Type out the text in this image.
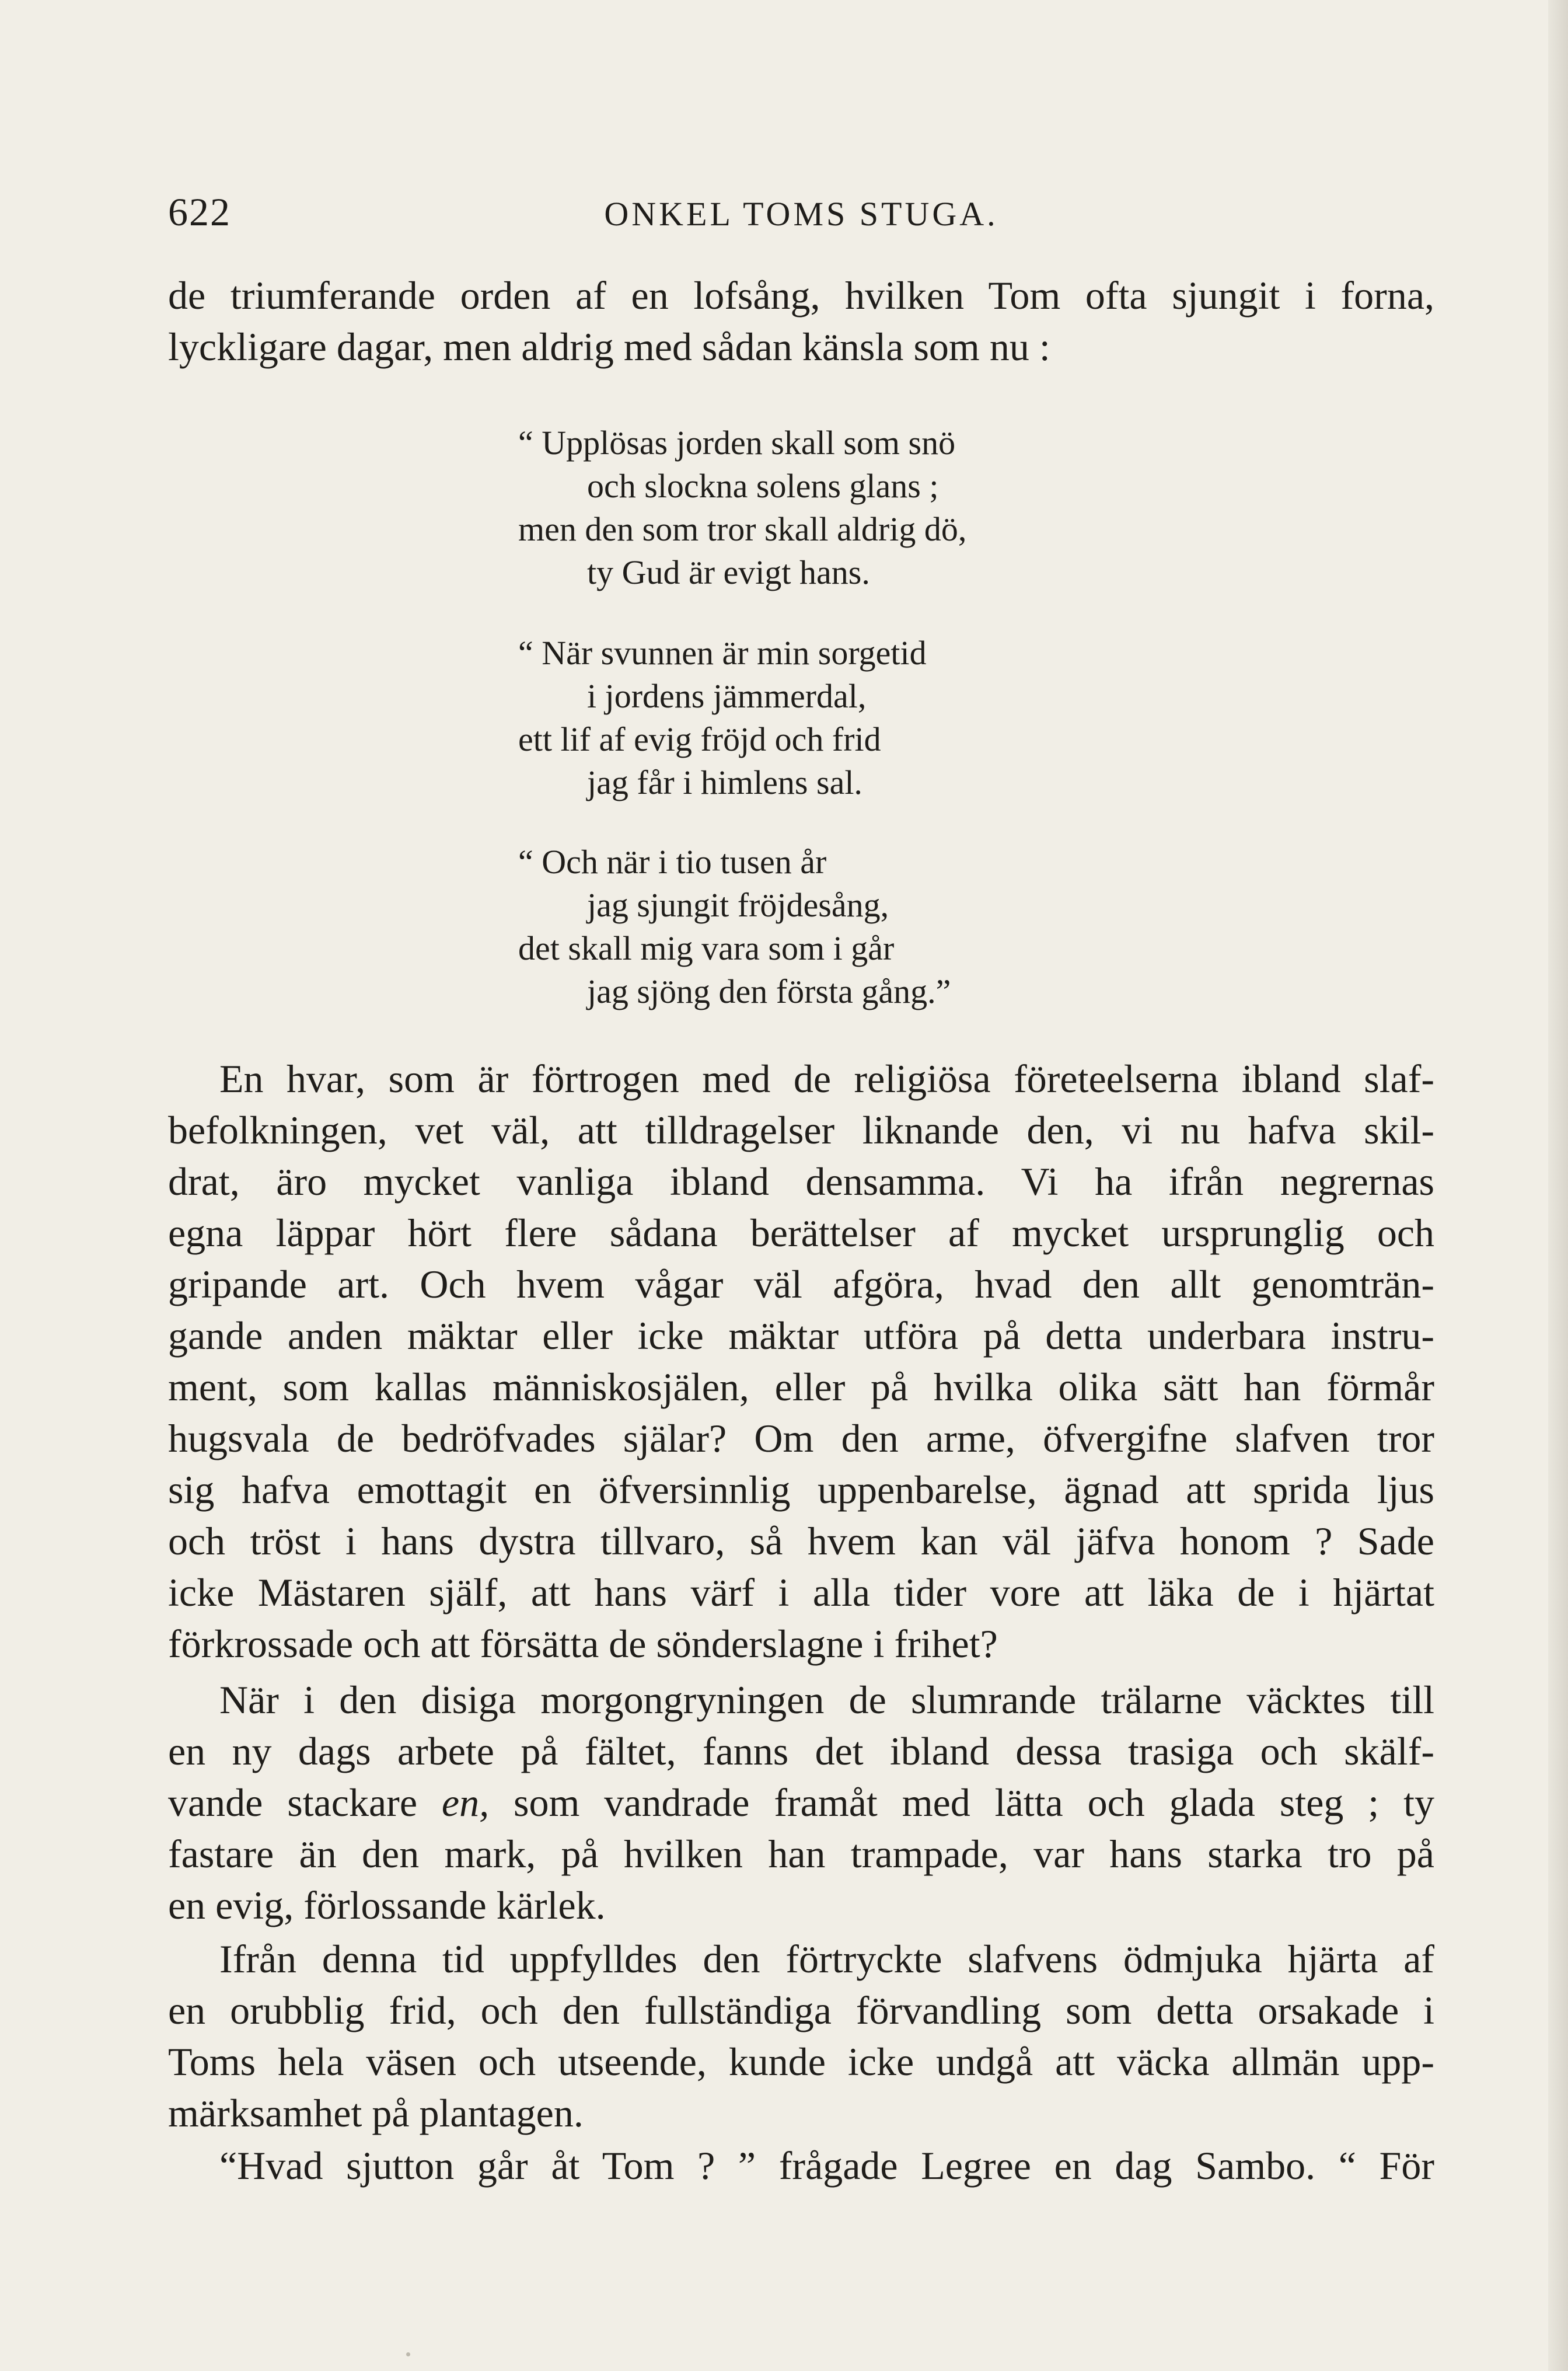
622	ONKEL TOMS STUGA.
de triumferande orden af en lofsång, hvilken Tom ofta sjungit i forna,
lyckligare dagar, men aldrig med sådan känsla som nu :
“ Upplösas jorden skall som snö
och slockna solens glans ;
men den som tror skall aldrig dö,
ty Gud är evigt hans.
“ När svunnen är min sorgetid
i jordens jämmerdal,
ett lif af evig fröjd och frid
jag får i himlens sal.
“ Och när i tio tusen år
jag sjungit fröjdesång,
det skall mig vara som i går
jag sjöng den första gång.”
En hvar, som är förtrogen med de religiösa företeelserna ibland slaf-
befolkningen, vet väl, att tilldragelser liknande den, vi nu hafva skil-
drat, äro mycket vanliga ibland densamma. Vi ha ifrån negrernas
egna läppar hört flere sådana berättelser af mycket ursprunglig och
gripande art. Och hvem vågar väl afgöra, hvad den allt genomträn-
gande anden mäktar eller icke mäktar utföra på detta underbara instru-
ment, som kallas människosjälen, eller på hvilka olika sätt han förmår
hugsvala de bedröfvades själar? Om den arme, öfvergifne slafven tror
sig hafva emottagit en öfversinnlig uppenbarelse, ägnad att sprida ljus
och tröst i hans dystra tillvaro, så hvem kan väl jäfva honom ? Sade
icke Mästaren själf, att hans värf i alla tider vore att läka de i hjärtat
förkrossade och att försätta de sönderslagne i frihet?
När i den disiga morgongryningen de slumrande trälarne väcktes till
en ny dags arbete på fältet, fanns det ibland dessa trasiga och skälf-
vande stackare en, som vandrade framåt med lätta och glada steg ; ty
fastare än den mark, på hvilken han trampade, var hans starka tro på
en evig, förlossande kärlek.
Ifrån denna tid uppfylldes den förtryckte slafvens ödmjuka hjärta af
en orubblig frid, och den fullständiga förvandling som detta orsakade i
Toms hela väsen och utseende, kunde icke undgå att väcka allmän upp-
märksamhet på plantagen.
“Hvad sjutton går åt Tom ? ” frågade Legree en dag Sambo. “ För
